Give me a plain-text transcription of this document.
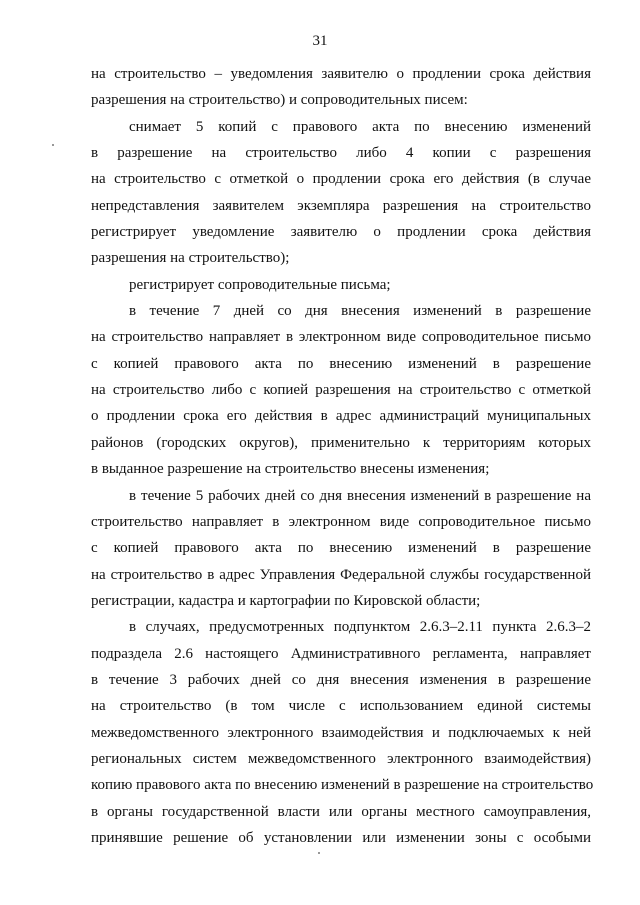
31
на строительство – уведомления заявителю о продлении срока действия
разрешения на строительство) и сопроводительных писем:
снимает 5 копий с правового акта по внесению изменений
в разрешение на строительство либо 4 копии с разрешения
на строительство с отметкой о продлении срока его действия (в случае
непредставления заявителем экземпляра разрешения на строительство
регистрирует уведомление заявителю о продлении срока действия
разрешения на строительство);
регистрирует сопроводительные письма;
в течение 7 дней со дня внесения изменений в разрешение
на строительство направляет в электронном виде сопроводительное письмо
с копией правового акта по внесению изменений в разрешение
на строительство либо с копией разрешения на строительство с отметкой
о продлении срока его действия в адрес администраций муниципальных
районов (городских округов), применительно к территориям которых
в выданное разрешение на строительство внесены изменения;
в течение 5 рабочих дней со дня внесения изменений в разрешение на
строительство направляет в электронном виде сопроводительное письмо
с копией правового акта по внесению изменений в разрешение
на строительство в адрес Управления Федеральной службы государственной
регистрации, кадастра и картографии по Кировской области;
в случаях, предусмотренных подпунктом 2.6.3–2.11 пункта 2.6.3–2
подраздела 2.6 настоящего Административного регламента, направляет
в течение 3 рабочих дней со дня внесения изменения в разрешение
на строительство (в том числе с использованием единой системы
межведомственного электронного взаимодействия и подключаемых к ней
региональных систем межведомственного электронного взаимодействия)
копию правового акта по внесению изменений в разрешение на строительство
в органы государственной власти или органы местного самоуправления,
принявшие решение об установлении или изменении зоны с особыми
